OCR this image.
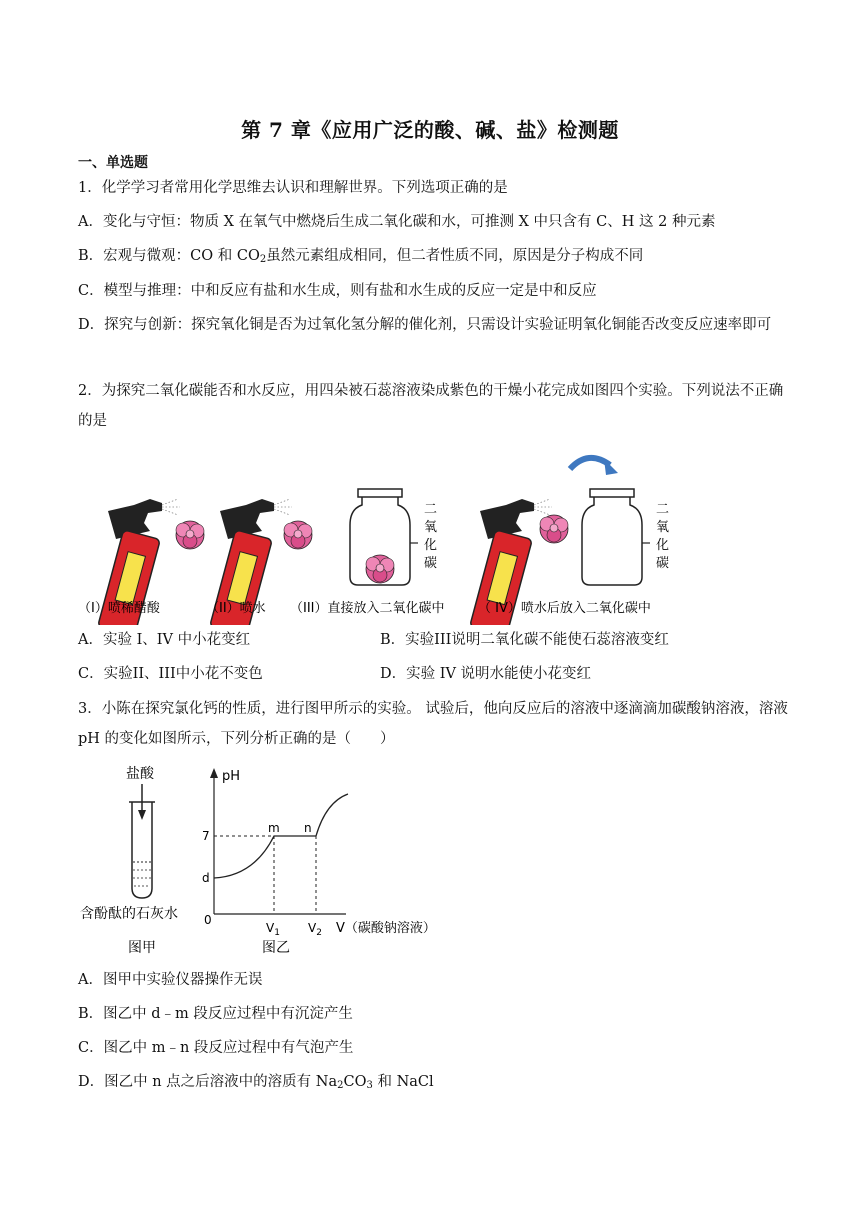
第 7 章《应用广泛的酸、碱、盐》检测题
一、单选题
1．化学学习者常用化学思维去认识和理解世界。下列选项正确的是
A．变化与守恒：物质 X 在氧气中燃烧后生成二氧化碳和水，可推测 X 中只含有 C、H 这 2 种元素
B．宏观与微观：CO 和 $CO_2$虽然元素组成相同，但二者性质不同，原因是分子构成不同
C．模型与推理：中和反应有盐和水生成，则有盐和水生成的反应一定是中和反应
D．探究与创新：探究氧化铜是否为过氧化氢分解的催化剂，只需设计实验证明氧化铜能否改变反应速率即可
2．为探究二氧化碳能否和水反应，用四朵被石蕊溶液染成紫色的干燥小花完成如图四个实验。下列说法不正确的是
二
氧
化
碳
二
氧
化
碳
（I）喷稀醋酸	（II）喷水 （III）直接放入二氧化碳中	（ IV）喷水后放入二氧化碳中
A．实验 I、IV 中小花变红	B．实验III说明二氧化碳不能使石蕊溶液变红
C．实验II、III中小花不变色	D．实验 IV 说明水能使小花变红
3．小陈在探究氯化钙的性质，进行图甲所示的实验。 试验后，他向反应后的溶液中逐滴滴加碳酸钠溶液，溶液 pH 的变化如图所示，下列分析正确的是（　　）
盐酸
含酚酞的石灰水
图甲
pH
7
d
0
m n
$V_1$ $V_2$ V（碳酸钠溶液）
图乙
A．图甲中实验仪器操作无误
B．图乙中 d﹣m 段反应过程中有沉淀产生
C．图乙中 m﹣n 段反应过程中有气泡产生
D．图乙中 n 点之后溶液中的溶质有 $Na_2CO_3$ 和 NaCl
